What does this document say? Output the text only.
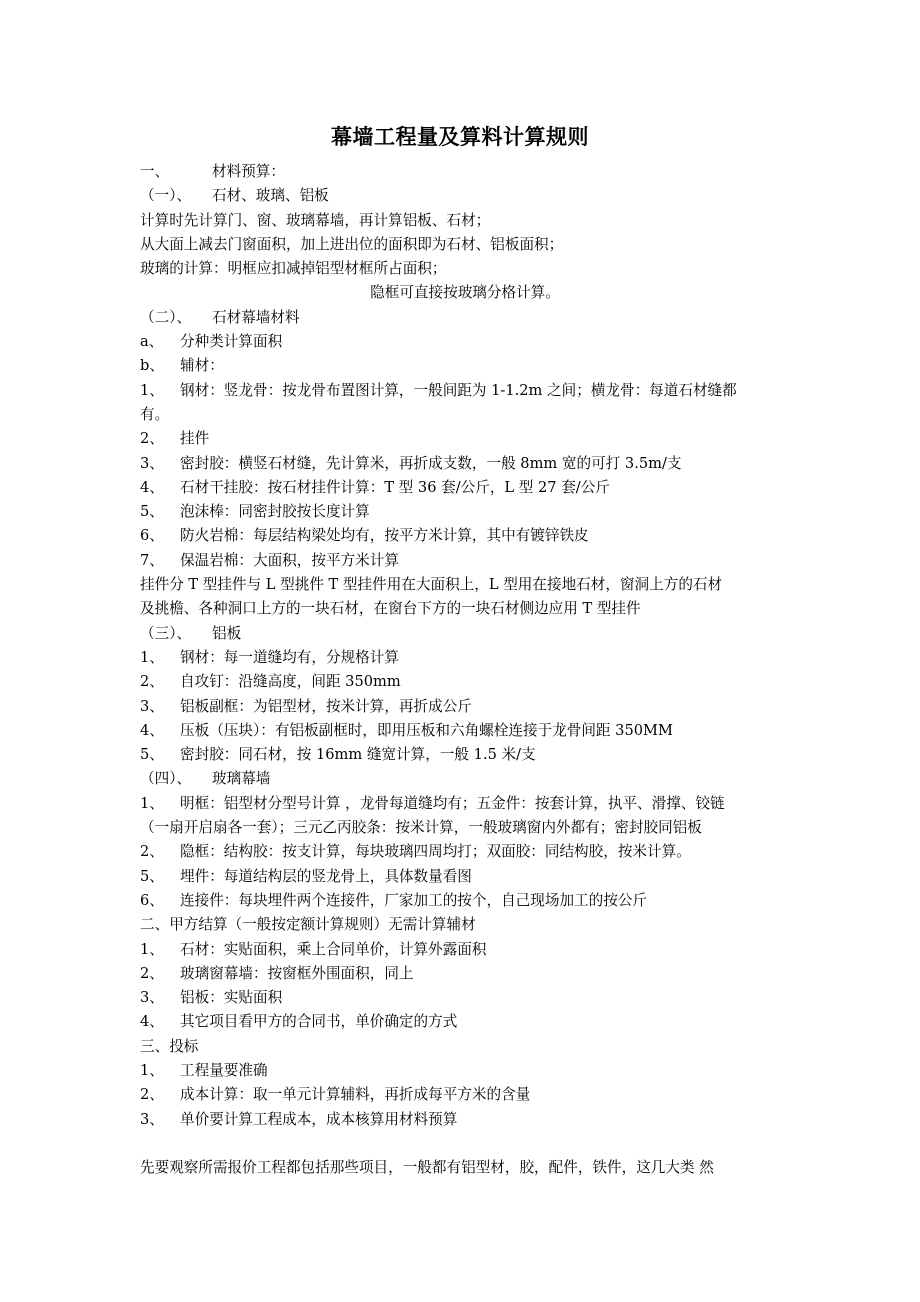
幕墙工程量及算料计算规则
一、	材料预算：
（一）、 石材、玻璃、铝板
计算时先计算门、窗、玻璃幕墙，再计算铝板、石材；
从大面上减去门窗面积，加上进出位的面积即为石材、铝板面积；
玻璃的计算：明框应扣减掉铝型材框所占面积；
隐框可直接按玻璃分格计算。
（二）、 石材幕墙材料
a、 分种类计算面积
b、 辅材：
1、 钢材：竖龙骨：按龙骨布置图计算，一般间距为 1-1.2m 之间；横龙骨：每道石材缝都
有。
2、 挂件
3、 密封胶：横竖石材缝，先计算米，再折成支数，一般 8mm 宽的可打 3.5m/支
4、 石材干挂胶：按石材挂件计算：T 型 36 套/公斤，L 型 27 套/公斤
5、 泡沫棒：同密封胶按长度计算
6、 防火岩棉：每层结构梁处均有，按平方米计算，其中有镀锌铁皮
7、 保温岩棉：大面积，按平方米计算
挂件分 T 型挂件与 L 型挑件 T 型挂件用在大面积上，L 型用在接地石材，窗洞上方的石材
及挑檐、各种洞口上方的一块石材，在窗台下方的一块石材侧边应用 T 型挂件
（三）、 铝板
1、 钢材：每一道缝均有，分规格计算
2、 自攻钉：沿缝高度，间距 350mm
3、 铝板副框：为铝型材，按米计算，再折成公斤
4、 压板（压块）：有铝板副框时，即用压板和六角螺栓连接于龙骨间距 350MM
5、 密封胶：同石材，按 16mm 缝宽计算，一般 1.5 米/支
（四）、 玻璃幕墙
1、 明框：铝型材分型号计算 ，龙骨每道缝均有；五金件：按套计算，执平、滑撑、铰链
（一扇开启扇各一套）；三元乙丙胶条：按米计算，一般玻璃窗内外都有；密封胶同铝板
2、 隐框：结构胶：按支计算，每块玻璃四周均打；双面胶：同结构胶，按米计算。
5、 埋件：每道结构层的竖龙骨上，具体数量看图
6、 连接件：每块埋件两个连接件，厂家加工的按个，自己现场加工的按公斤
二、甲方结算（一般按定额计算规则）无需计算辅材
1、 石材：实贴面积，乘上合同单价，计算外露面积
2、 玻璃窗幕墙：按窗框外围面积，同上
3、 铝板：实贴面积
4、 其它项目看甲方的合同书，单价确定的方式
三、投标
1、 工程量要准确
2、 成本计算：取一单元计算辅料，再折成每平方米的含量
3、 单价要计算工程成本，成本核算用材料预算
先要观察所需报价工程都包括那些项目，一般都有铝型材，胶，配件，铁件，这几大类 然
